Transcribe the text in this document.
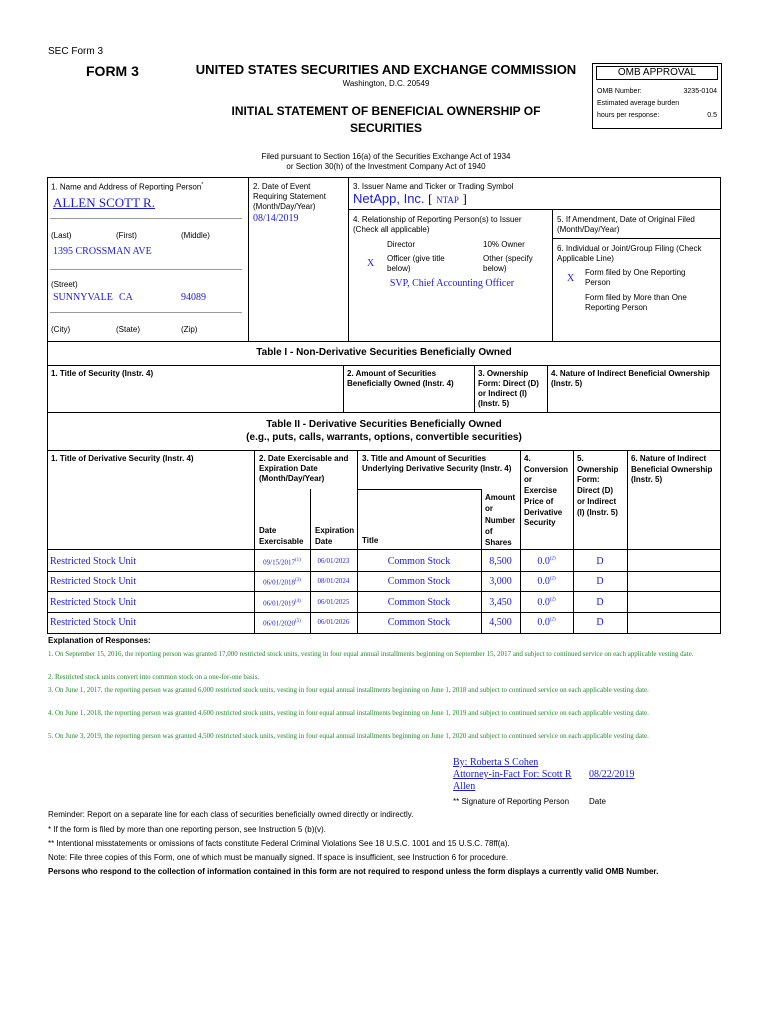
SEC Form 3
FORM 3	UNITED STATES SECURITIES AND EXCHANGE COMMISSION
Washington, D.C. 20549
INITIAL STATEMENT OF BENEFICIAL OWNERSHIP OF
SECURITIES
OMB APPROVAL
OMB Number:	3235-0104
Estimated average burden
hours per response:	0.5
Filed pursuant to Section 16(a) of the Securities Exchange Act of 1934
or Section 30(h) of the Investment Company Act of 1940
1. Name and Address of Reporting Person*
ALLEN SCOTT R.
(Last)	(First)	(Middle)
1395 CROSSMAN AVE
(Street)
SUNNYVALE CA	94089
(City)	(State)	(Zip)
2. Date of Event
Requiring Statement
(Month/Day/Year)
08/14/2019
3. Issuer Name and Ticker or Trading Symbol
NetApp, Inc. [ NTAP ]
4. Relationship of Reporting Person(s) to Issuer
(Check all applicable)
Director	10% Owner
X Officer (give title
below)
Other (specify
below)
SVP, Chief Accounting Officer
5. If Amendment, Date of Original Filed
(Month/Day/Year)
6. Individual or Joint/Group Filing (Check
Applicable Line)
X
Form filed by One Reporting
Person
Form filed by More than One
Reporting Person
Table I - Non-Derivative Securities Beneficially Owned
1. Title of Security (Instr. 4)	2. Amount of Securities
Beneficially Owned (Instr. 4)
3. Ownership
Form: Direct (D)
or Indirect (I)
(Instr. 5)
4. Nature of Indirect Beneficial Ownership
(Instr. 5)
Table II - Derivative Securities Beneficially Owned
(e.g., puts, calls, warrants, options, convertible securities)
1. Title of Derivative Security (Instr. 4)	2. Date Exercisable and
Expiration Date
(Month/Day/Year)
3. Title and Amount of Securities
Underlying Derivative Security (Instr. 4)
4.
Conversion
or
Exercise
Price of
Derivative
Security
5.
Ownership
Form:
Direct (D)
or Indirect
(I) (Instr. 5)
6. Nature of Indirect
Beneficial Ownership
(Instr. 5)
Amount
or
Number
of
Shares
Date
Exercisable
Expiration
Date	Title
Restricted Stock Unit	09/15/2017$^{(1)}$	06/01/2023	Common Stock	8,500	0.0$^{(2)}$	D
Restricted Stock Unit	06/01/2018$^{(3)}$	08/01/2024	Common Stock	3,000	0.0$^{(2)}$	D
Restricted Stock Unit	06/01/2019$^{(4)}$	06/01/2025	Common Stock	3,450	0.0$^{(2)}$	D
Restricted Stock Unit	06/01/2020$^{(5)}$	06/01/2026	Common Stock	4,500	0.0$^{(2)}$	D
Explanation of Responses:
1. On September 15, 2016, the reporting person was granted 17,000 restricted stock units, vesting in four equal annual installments beginning on September 15, 2017 and subject to continued service on each applicable vesting date.
2. Restricted stock units convert into common stock on a one-for-one basis.
3. On June 1, 2017, the reporting person was granted 6,000 restricted stock units, vesting in four equal annual installments beginning on June 1, 2018 and subject to continued service on each applicable vesting date.
4. On June 1, 2018, the reporting person was granted 4,600 restricted stock units, vesting in four equal annual installments beginning on June 1, 2019 and subject to continued service on each applicable vesting date.
5. On June 3, 2019, the reporting person was granted 4,500 restricted stock units, vesting in four equal annual installments beginning on June 1, 2020 and subject to continued service on each applicable vesting date.
By: Roberta S Cohen
Attorney-in-Fact For: Scott R
Allen
08/22/2019
** Signature of Reporting Person Date
Reminder: Report on a separate line for each class of securities beneficially owned directly or indirectly.
* If the form is filed by more than one reporting person, see Instruction 5 (b)(v).
** Intentional misstatements or omissions of facts constitute Federal Criminal Violations See 18 U.S.C. 1001 and 15 U.S.C. 78ff(a).
Note: File three copies of this Form, one of which must be manually signed. If space is insufficient, see Instruction 6 for procedure.
Persons who respond to the collection of information contained in this form are not required to respond unless the form displays a currently valid OMB Number.
